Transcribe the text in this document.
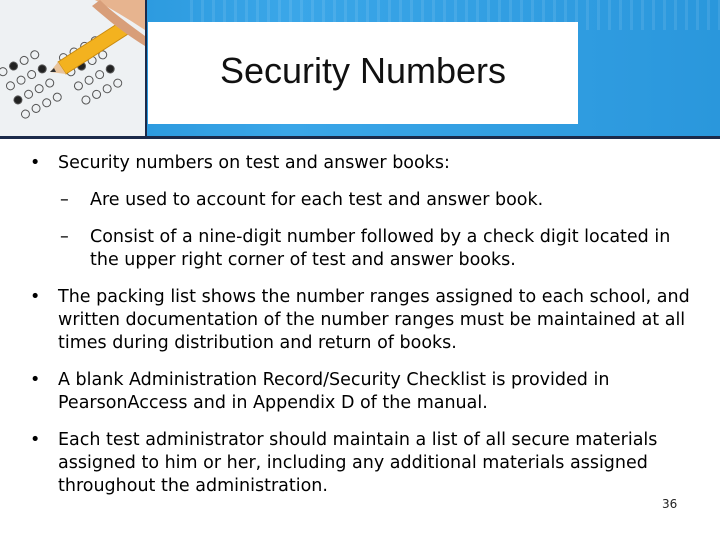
Security Numbers
• Security numbers on test and answer books:
– Are used to account for each test and answer book.
– Consist of a nine-digit number followed by a check digit located in the upper right corner of test and answer books.
• The packing list shows the number ranges assigned to each school, and written documentation of the number ranges must be maintained at all times during distribution and return of books.
• A blank Administration Record/Security Checklist is provided in PearsonAccess and in Appendix D of the manual.
• Each test administrator should maintain a list of all secure materials assigned to him or her, including any additional materials assigned throughout the administration.
36
